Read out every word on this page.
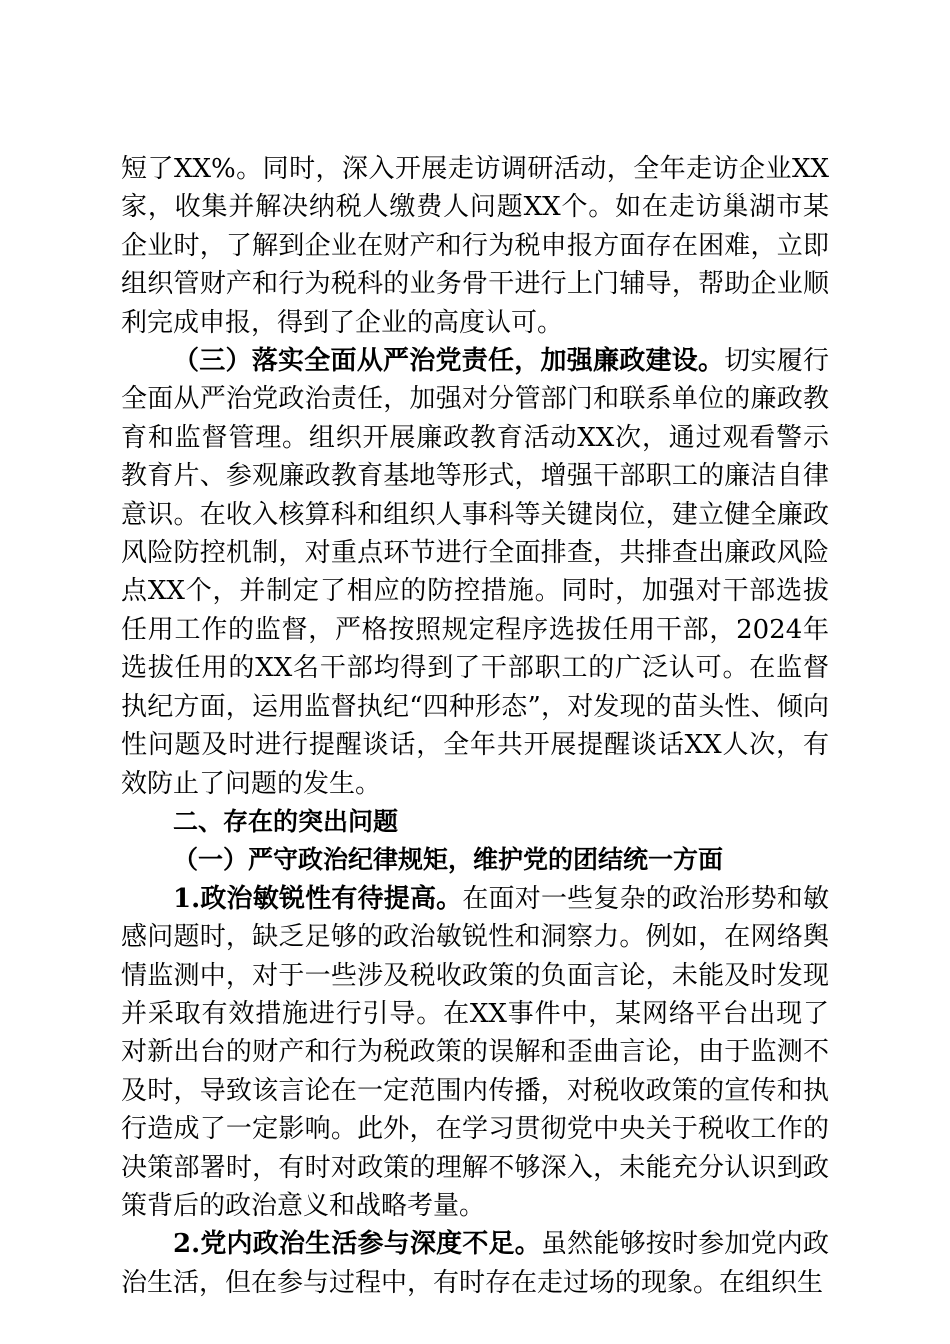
短了XX%。同时，深入开展走访调研活动，全年走访企业XX家，收集并解决纳税人缴费人问题XX个。如在走访巢湖市某企业时，了解到企业在财产和行为税申报方面存在困难，立即组织管财产和行为税科的业务骨干进行上门辅导，帮助企业顺利完成申报，得到了企业的高度认可。

（三）落实全面从严治党责任，加强廉政建设。切实履行全面从严治党政治责任，加强对分管部门和联系单位的廉政教育和监督管理。组织开展廉政教育活动XX次，通过观看警示教育片、参观廉政教育基地等形式，增强干部职工的廉洁自律意识。在收入核算科和组织人事科等关键岗位，建立健全廉政风险防控机制，对重点环节进行全面排查，共排查出廉政风险点XX个，并制定了相应的防控措施。同时，加强对干部选拔任用工作的监督，严格按照规定程序选拔任用干部，2024年选拔任用的XX名干部均得到了干部职工的广泛认可。在监督执纪方面，运用监督执纪“四种形态”，对发现的苗头性、倾向性问题及时进行提醒谈话，全年共开展提醒谈话XX人次，有效防止了问题的发生。

二、存在的突出问题

（一）严守政治纪律规矩，维护党的团结统一方面

1.政治敏锐性有待提高。在面对一些复杂的政治形势和敏感问题时，缺乏足够的政治敏锐性和洞察力。例如，在网络舆情监测中，对于一些涉及税收政策的负面言论，未能及时发现并采取有效措施进行引导。在XX事件中，某网络平台出现了对新出台的财产和行为税政策的误解和歪曲言论，由于监测不及时，导致该言论在一定范围内传播，对税收政策的宣传和执行造成了一定影响。此外，在学习贯彻党中央关于税收工作的决策部署时，有时对政策的理解不够深入，未能充分认识到政策背后的政治意义和战略考量。

2.党内政治生活参与深度不足。虽然能够按时参加党内政治生活，但在参与过程中，有时存在走过场的现象。在组织生
